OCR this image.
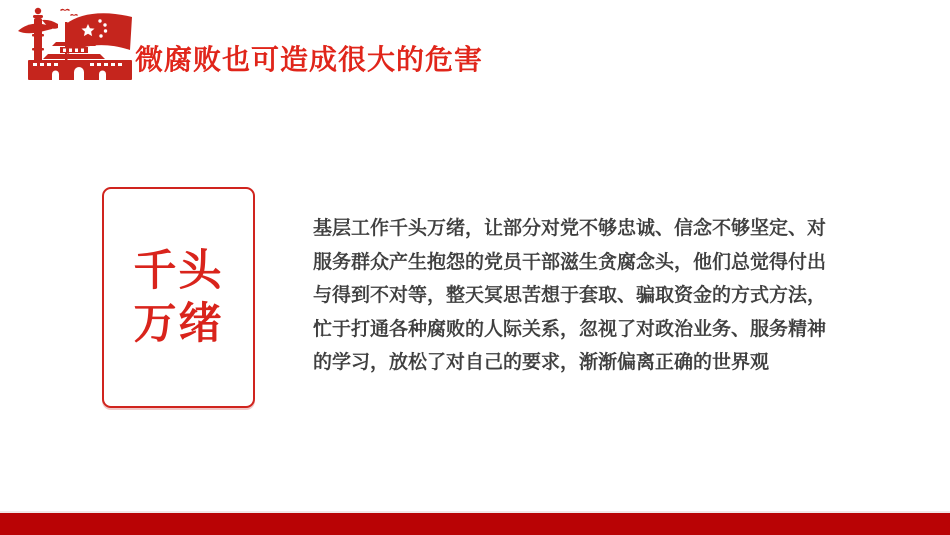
微腐败也可造成很大的危害
千头
万绪
基层工作千头万绪，让部分对党不够忠诚、信念不够坚定、对
服务群众产生抱怨的党员干部滋生贪腐念头，他们总觉得付出
与得到不对等，整天冥思苦想于套取、骗取资金的方式方法，
忙于打通各种腐败的人际关系，忽视了对政治业务、服务精神
的学习，放松了对自己的要求，渐渐偏离正确的世界观
